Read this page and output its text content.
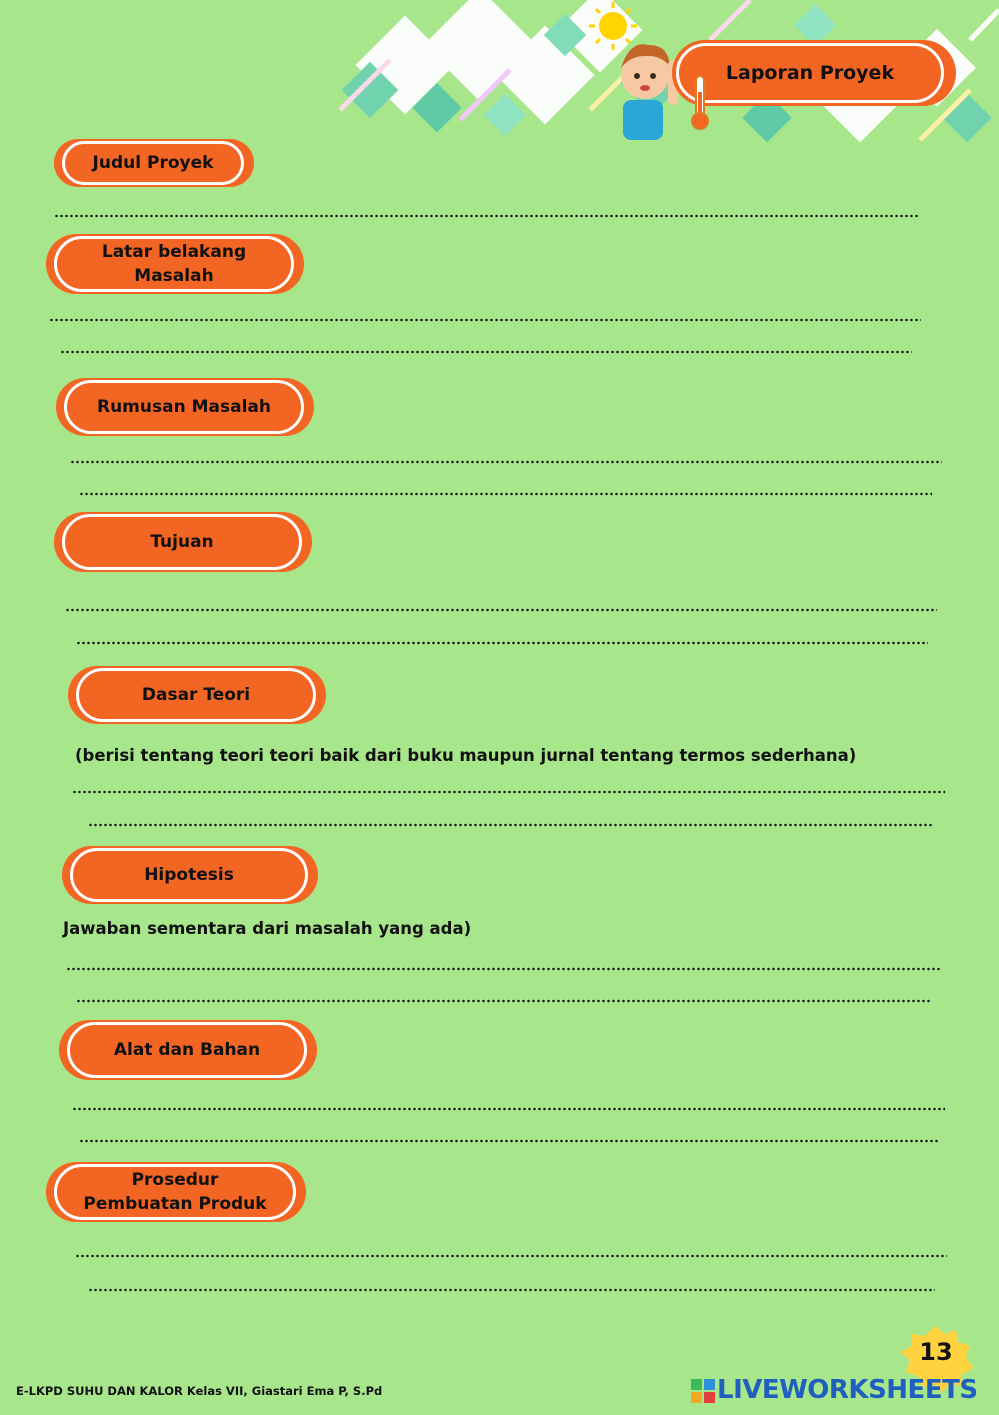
Laporan Proyek
Judul Proyek
Latar belakang
Masalah
Rumusan Masalah
Tujuan
Dasar Teori
(berisi tentang teori teori baik dari buku maupun jurnal tentang termos sederhana)
Hipotesis
Jawaban sementara dari masalah yang ada)
Alat dan Bahan
Prosedur
Pembuatan Produk
E-LKPD SUHU DAN KALOR Kelas VII, Giastari Ema P, S.Pd
13
LIVEWORKSHEETS
